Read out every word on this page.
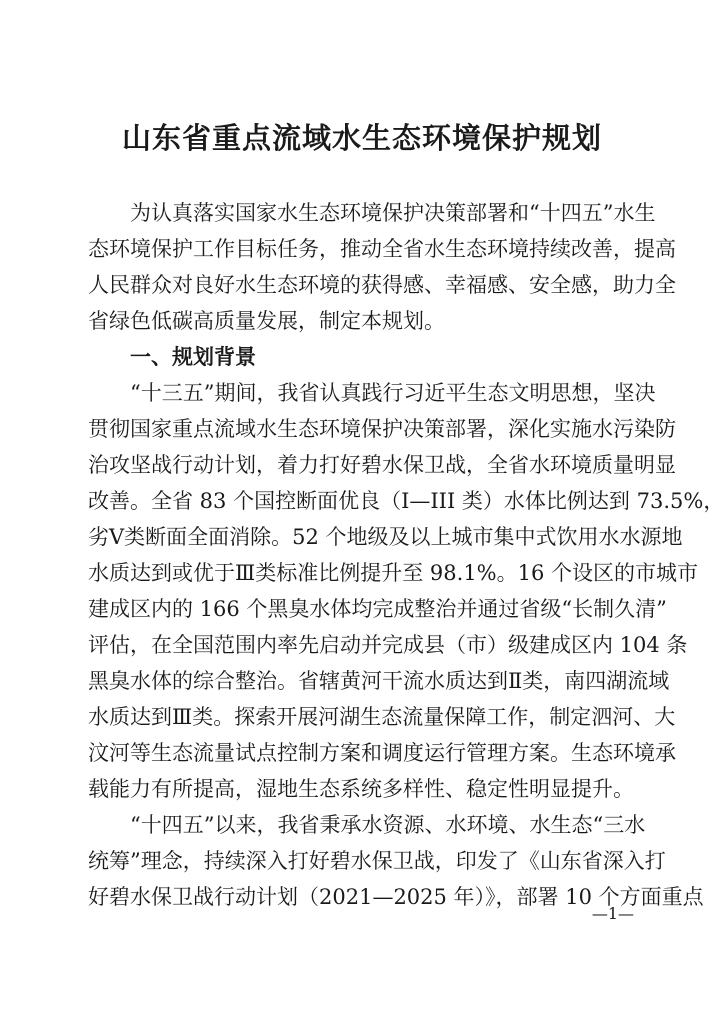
山东省重点流域水生态环境保护规划

　　为认真落实国家水生态环境保护决策部署和“十四五”水生

态环境保护工作目标任务，推动全省水生态环境持续改善，提高

人民群众对良好水生态环境的获得感、幸福感、安全感，助力全

省绿色低碳高质量发展，制定本规划。

　　一、规划背景

　　“十三五”期间，我省认真践行习近平生态文明思想，坚决

贯彻国家重点流域水生态环境保护决策部署，深化实施水污染防

治攻坚战行动计划，着力打好碧水保卫战，全省水环境质量明显

改善。全省 83 个国控断面优良（I—III 类）水体比例达到 73.5%，

劣Ⅴ类断面全面消除。52 个地级及以上城市集中式饮用水水源地

水质达到或优于Ⅲ类标准比例提升至 98.1%。16 个设区的市城市

建成区内的 166 个黑臭水体均完成整治并通过省级“长制久清”

评估，在全国范围内率先启动并完成县（市）级建成区内 104 条

黑臭水体的综合整治。省辖黄河干流水质达到Ⅱ类，南四湖流域

水质达到Ⅲ类。探索开展河湖生态流量保障工作，制定泗河、大

汶河等生态流量试点控制方案和调度运行管理方案。生态环境承

载能力有所提高，湿地生态系统多样性、稳定性明显提升。

　　“十四五”以来，我省秉承水资源、水环境、水生态“三水

统筹”理念，持续深入打好碧水保卫战，印发了《山东省深入打

好碧水保卫战行动计划（2021—2025 年）》，部署 10 个方面重点

—1—
